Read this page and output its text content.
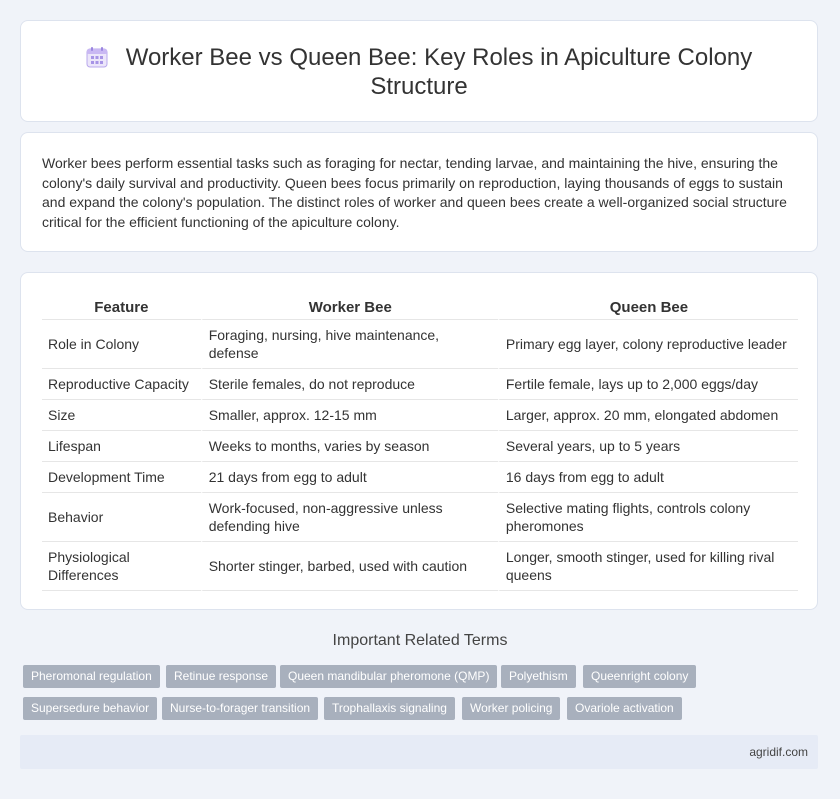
Worker Bee vs Queen Bee: Key Roles in Apiculture Colony Structure
Worker bees perform essential tasks such as foraging for nectar, tending larvae, and maintaining the hive, ensuring the colony's daily survival and productivity. Queen bees focus primarily on reproduction, laying thousands of eggs to sustain and expand the colony's population. The distinct roles of worker and queen bees create a well-organized social structure critical for the efficient functioning of the apiculture colony.
Feature	Worker Bee	Queen Bee
Role in Colony	Foraging, nursing, hive maintenance, defense	Primary egg layer, colony reproductive leader
Reproductive Capacity	Sterile females, do not reproduce	Fertile female, lays up to 2,000 eggs/day
Size	Smaller, approx. 12-15 mm	Larger, approx. 20 mm, elongated abdomen
Lifespan	Weeks to months, varies by season	Several years, up to 5 years
Development Time	21 days from egg to adult	16 days from egg to adult
Behavior	Work-focused, non-aggressive unless defending hive	Selective mating flights, controls colony pheromones
Physiological Differences	Shorter stinger, barbed, used with caution	Longer, smooth stinger, used for killing rival queens
Important Related Terms
Pheromonal regulation	Retinue response	Queen mandibular pheromone (QMP)	Polyethism	Queenright colony
Supersedure behavior	Nurse-to-forager transition	Trophallaxis signaling	Worker policing	Ovariole activation
agridif.com
